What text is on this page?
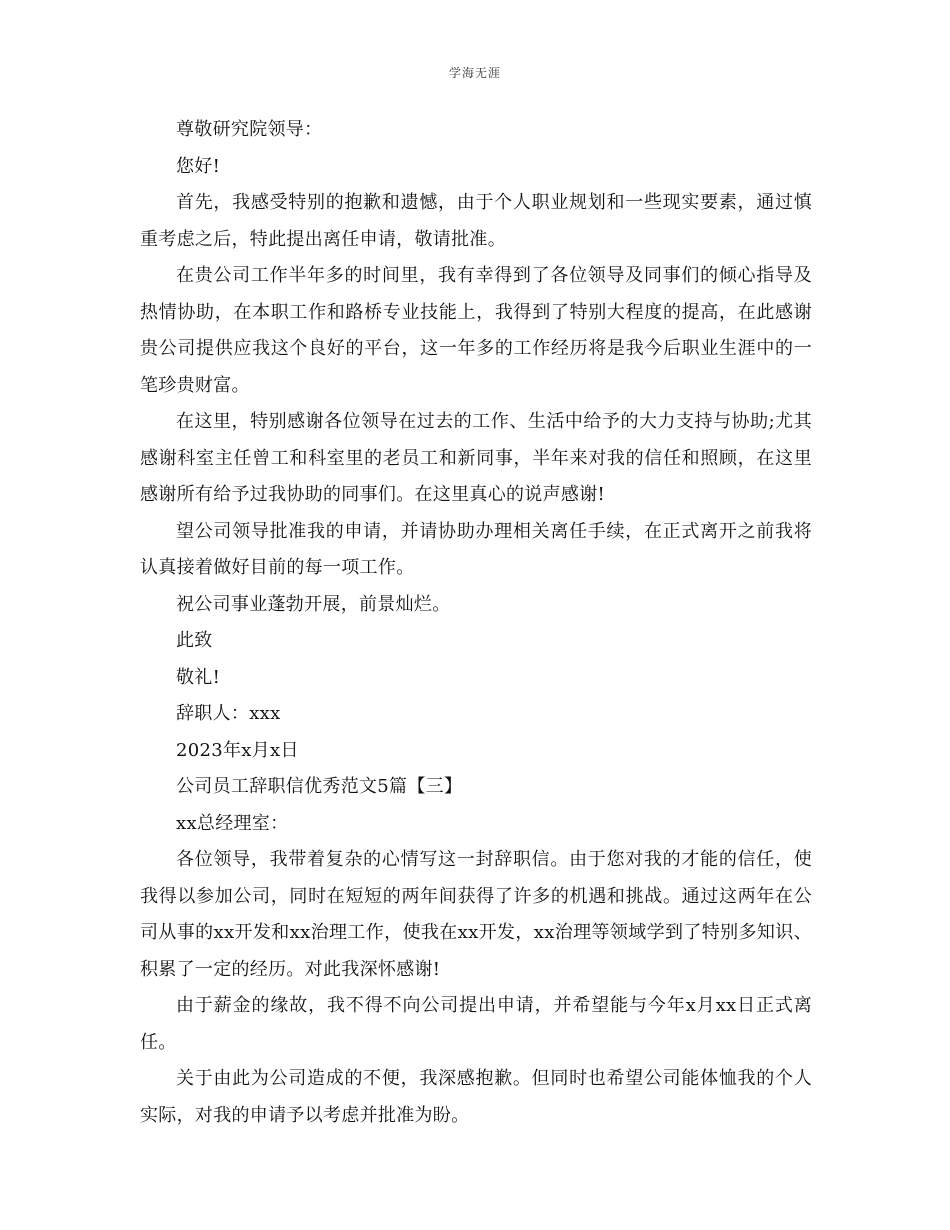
学海无涯

尊敬研究院领导：

您好!

首先，我感受特别的抱歉和遗憾，由于个人职业规划和一些现实要素，通过慎重考虑之后，特此提出离任申请，敬请批准。

在贵公司工作半年多的时间里，我有幸得到了各位领导及同事们的倾心指导及热情协助，在本职工作和路桥专业技能上，我得到了特别大程度的提高，在此感谢贵公司提供应我这个良好的平台，这一年多的工作经历将是我今后职业生涯中的一笔珍贵财富。

在这里，特别感谢各位领导在过去的工作、生活中给予的大力支持与协助;尤其感谢科室主任曾工和科室里的老员工和新同事，半年来对我的信任和照顾，在这里感谢所有给予过我协助的同事们。在这里真心的说声感谢!

望公司领导批准我的申请，并请协助办理相关离任手续，在正式离开之前我将认真接着做好目前的每一项工作。

祝公司事业蓬勃开展，前景灿烂。

此致

敬礼!

辞职人：xxx

2023年x月x日

公司员工辞职信优秀范文5篇【三】

xx总经理室：

各位领导，我带着复杂的心情写这一封辞职信。由于您对我的才能的信任，使我得以参加公司，同时在短短的两年间获得了许多的机遇和挑战。通过这两年在公司从事的xx开发和xx治理工作，使我在xx开发，xx治理等领域学到了特别多知识、积累了一定的经历。对此我深怀感谢!

由于薪金的缘故，我不得不向公司提出申请，并希望能与今年x月xx日正式离任。

关于由此为公司造成的不便，我深感抱歉。但同时也希望公司能体恤我的个人实际，对我的申请予以考虑并批准为盼。
